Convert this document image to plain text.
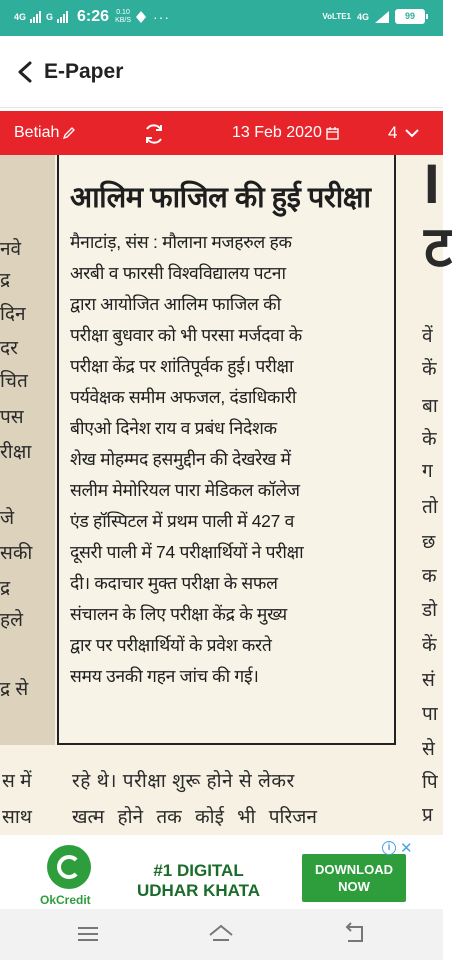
4G G 6:26 0.10
KB/S ···	VoLTE1 4G	99
E-Paper
Betiah	13 Feb 2020	4
नवे
द्र
दिन
दर
चित
पस
रीक्षा
जे
सकी
द्र
हले
द्र से
आलिम फाजिल की हुई परीक्षा
मैनाटांड़, संस : मौलाना मजहरुल हक
अरबी व फारसी विश्वविद्यालय पटना
द्वारा आयोजित आलिम फाजिल की
परीक्षा बुधवार को भी परसा मर्जदवा के
परीक्षा केंद्र पर शांतिपूर्वक हुई। परीक्षा
पर्यवेक्षक समीम अफजल, दंडाधिकारी
बीएओ दिनेश राय व प्रबंध निदेशक
शेख मोहम्मद हसमुद्दीन की देखरेख में
सलीम मेमोरियल पारा मेडिकल कॉलेज
एंड हॉस्पिटल में प्रथम पाली में 427 व
दूसरी पाली में 74 परीक्षार्थियों ने परीक्षा
दी। कदाचार मुक्त परीक्षा के सफल
संचालन के लिए परीक्षा केंद्र के मुख्य
द्वार पर परीक्षार्थियों के प्रवेश करते
समय उनकी गहन जांच की गई।
I
ट
वें
कें
बा
के
ग
तो
छ
क
डो
कें
सं
पा
से
पि
प्र
स में
साथ
रहे थे। परीक्षा शुरू होने से लेकर
खत्म होने तक कोई भी परिजन
OkCredit
#1 DIGITAL
UDHAR KHATA
DOWNLOAD
NOW
i ✕
